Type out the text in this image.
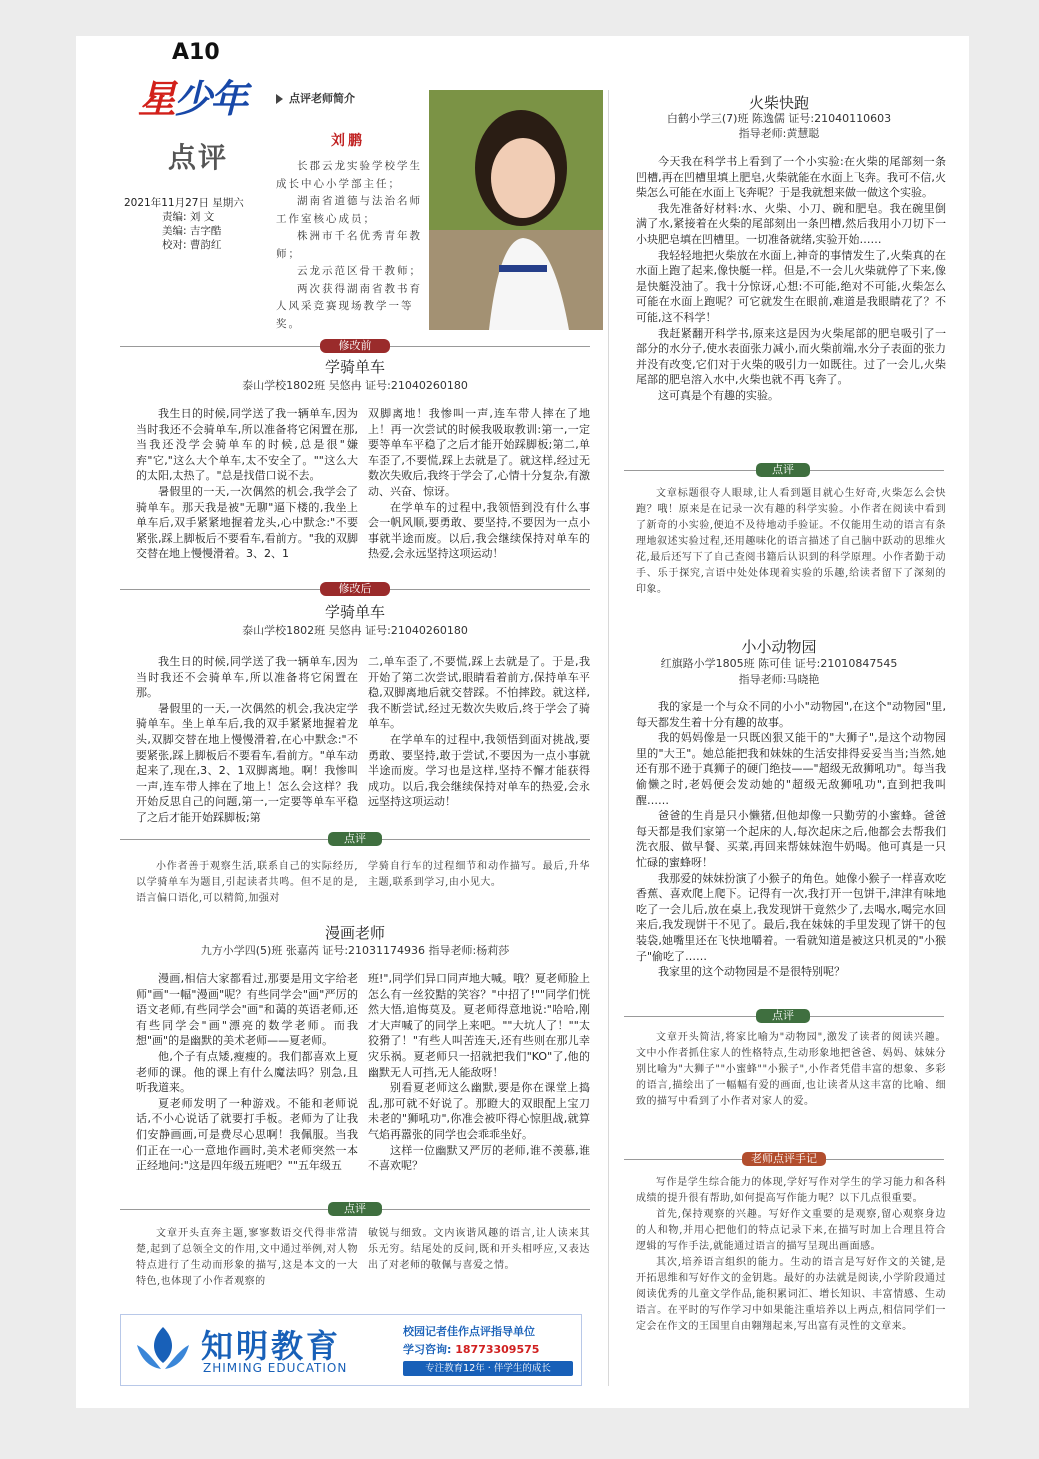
A10
星少年
点评
2021年11月27日 星期六
责编: 刘 文
美编: 吉字酷
校对: 曹韵红
点评老师简介
刘鹏

长郡云龙实验学校学生成长中心小学部主任；

湖南省道德与法治名师工作室核心成员；

株洲市千名优秀青年教师；

云龙示范区骨干教师；

两次获得湖南省教书育人风采竞赛现场教学一等奖。

修改前
学骑单车
泰山学校1802班 吴悠冉 证号:21040260180

我生日的时候,同学送了我一辆单车,因为当时我还不会骑单车,所以准备将它闲置在那,当我还没学会骑单车的时候,总是很"嫌弃"它,"这么大个单车,太不安全了。""这么大的太阳,太热了。"总是找借口说不去。

暑假里的一天,一次偶然的机会,我学会了骑单车。那天我是被"无聊"逼下楼的,我坐上单车后,双手紧紧地握着龙头,心中默念:"不要紧张,踩上脚板后不要看车,看前方。"我的双脚交替在地上慢慢滑着。3、2、1

双脚离地！我惨叫一声,连车带人摔在了地上！再一次尝试的时候我吸取教训:第一,一定要等单车平稳了之后才能开始踩脚板;第二,单车歪了,不要慌,踩上去就是了。就这样,经过无数次失败后,我终于学会了,心情十分复杂,有激动、兴奋、惊讶。

在学单车的过程中,我领悟到没有什么事会一帆风顺,要勇敢、要坚持,不要因为一点小事就半途而废。以后,我会继续保持对单车的热爱,会永远坚持这项运动！

修改后
学骑单车
泰山学校1802班 吴悠冉 证号:21040260180

我生日的时候,同学送了我一辆单车,因为当时我还不会骑单车,所以准备将它闲置在那。

暑假里的一天,一次偶然的机会,我决定学骑单车。坐上单车后,我的双手紧紧地握着龙头,双脚交替在地上慢慢滑着,在心中默念:"不要紧张,踩上脚板后不要看车,看前方。"单车动起来了,现在,3、2、1双脚离地。啊！我惨叫一声,连车带人摔在了地上！怎么会这样？我开始反思自己的问题,第一,一定要等单车平稳了之后才能开始踩脚板;第

二,单车歪了,不要慌,踩上去就是了。于是,我开始了第二次尝试,眼睛看着前方,保持单车平稳,双脚离地后就交替踩。不怕摔跤。就这样,我不断尝试,经过无数次失败后,终于学会了骑单车。

在学单车的过程中,我领悟到面对挑战,要勇敢、要坚持,敢于尝试,不要因为一点小事就半途而废。学习也是这样,坚持不懈才能获得成功。以后,我会继续保持对单车的热爱,会永远坚持这项运动！

点评

小作者善于观察生活,联系自己的实际经历,以学骑单车为题目,引起读者共鸣。但不足的是,语言偏口语化,可以精简,加强对

学骑自行车的过程细节和动作描写。最后,升华主题,联系到学习,由小见大。

漫画老师
九方小学四(5)班 张嘉芮 证号:21031174936 指导老师:杨莉莎

漫画,相信大家都看过,那要是用文字给老师"画"一幅"漫画"呢？有些同学会"画"严厉的语文老师,有些同学会"画"和蔼的英语老师,还有些同学会"画"漂亮的数学老师。而我想"画"的是幽默的美术老师——夏老师。

他,个子有点矮,瘦瘦的。我们都喜欢上夏老师的课。他的课上有什么魔法吗？别急,且听我道来。

夏老师发明了一种游戏。不能和老师说话,不小心说话了就要打手板。老师为了让我们安静画画,可是费尽心思啊！我佩服。当我们正在一心一意地作画时,美术老师突然一本正经地问:"这是四年级五班吧？""五年级五

班!",同学们异口同声地大喊。哦？夏老师脸上怎么有一丝狡黠的笑容？"中招了!""同学们恍然大悟,追悔莫及。夏老师得意地说:"哈哈,刚才大声喊了的同学上来吧。""大坑人了！""太狡猾了！"有些人叫苦连天,还有些则在那儿幸灾乐祸。夏老师只一招就把我们"KO"了,他的幽默无人可挡,无人能敌呀！

别看夏老师这么幽默,要是你在课堂上捣乱,那可就不好说了。那瞪大的双眼配上宝刀未老的"狮吼功",你准会被吓得心惊胆战,就算气焰再嚣张的同学也会乖乖坐好。

这样一位幽默又严厉的老师,谁不羡慕,谁不喜欢呢？

点评

文章开头直奔主题,寥寥数语交代得非常清楚,起到了总领全文的作用,文中通过举例,对人物特点进行了生动而形象的描写,这是本文的一大特色,也体现了小作者观察的

敏锐与细致。文内诙谐风趣的语言,让人读来其乐无穷。结尾处的反问,既和开头相呼应,又表达出了对老师的敬佩与喜爱之情。

知明教育
ZHIMING EDUCATION
校园记者佳作点评指导单位
学习咨询: 18773309575
专注教育12年 · 伴学生的成长
火柴快跑
白鹤小学三(7)班 陈逸儒 证号:21040110603
指导老师:黄慧聪

今天我在科学书上看到了一个小实验:在火柴的尾部刻一条凹槽,再在凹槽里填上肥皂,火柴就能在水面上飞奔。我可不信,火柴怎么可能在水面上飞奔呢？于是我就想来做一做这个实验。

我先准备好材料:水、火柴、小刀、碗和肥皂。我在碗里倒满了水,紧接着在火柴的尾部刻出一条凹槽,然后我用小刀切下一小块肥皂填在凹槽里。一切准备就绪,实验开始……

我轻轻地把火柴放在水面上,神奇的事情发生了,火柴真的在水面上跑了起来,像快艇一样。但是,不一会儿火柴就停了下来,像是快艇没油了。我十分惊讶,心想:不可能,绝对不可能,火柴怎么可能在水面上跑呢？可它就发生在眼前,难道是我眼睛花了？不可能,这不科学！

我赶紧翻开科学书,原来这是因为火柴尾部的肥皂吸引了一部分的水分子,使水表面张力减小,而火柴前端,水分子表面的张力并没有改变,它们对于火柴的吸引力一如既往。过了一会儿,火柴尾部的肥皂溶入水中,火柴也就不再飞奔了。

这可真是个有趣的实验。

点评

文章标题很夺人眼球,让人看到题目就心生好奇,火柴怎么会快跑？哦！原来是在记录一次有趣的科学实验。小作者在阅读中看到了新奇的小实验,便迫不及待地动手验证。不仅能用生动的语言有条理地叙述实验过程,还用趣味化的语言描述了自己脑中跃动的思维火花,最后还写下了自己查阅书籍后认识到的科学原理。小作者勤于动手、乐于探究,言语中处处体现着实验的乐趣,给读者留下了深刻的印象。

小小动物园
红旗路小学1805班 陈可佳 证号:21010847545
指导老师:马晓艳

我的家是一个与众不同的小小"动物园",在这个"动物园"里,每天都发生着十分有趣的故事。

我的妈妈像是一只既凶狠又能干的"大狮子",是这个动物园里的"大王"。她总能把我和妹妹的生活安排得妥妥当当;当然,她还有那不逊于真狮子的硬门绝技——"超级无敌狮吼功"。每当我偷懒之时,老妈便会发动她的"超级无敌狮吼功",直到把我叫醒……

爸爸的生肖是只小懒猪,但他却像一只勤劳的小蜜蜂。爸爸每天都是我们家第一个起床的人,每次起床之后,他都会去帮我们洗衣服、做早餐、买菜,再回来帮妹妹泡牛奶喝。他可真是一只忙碌的蜜蜂呀！

我那爱的妹妹扮演了小猴子的角色。她像小猴子一样喜欢吃香蕉、喜欢爬上爬下。记得有一次,我打开一包饼干,津津有味地吃了一会儿后,放在桌上,我发现饼干竟然少了,去喝水,喝完水回来后,我发现饼干不见了。最后,我在妹妹的手里发现了饼干的包装袋,她嘴里还在飞快地嚼着。一看就知道是被这只机灵的"小猴子"偷吃了……

我家里的这个动物园是不是很特别呢？

点评

文章开头简洁,将家比喻为"动物园",激发了读者的阅读兴趣。文中小作者抓住家人的性格特点,生动形象地把爸爸、妈妈、妹妹分别比喻为"大狮子""小蜜蜂""小猴子",小作者凭借丰富的想象、多彩的语言,描绘出了一幅幅有爱的画面,也让读者从这丰富的比喻、细致的描写中看到了小作者对家人的爱。

老师点评手记

写作是学生综合能力的体现,学好写作对学生的学习能力和各科成绩的提升很有帮助,如何提高写作能力呢？以下几点很重要。

首先,保持观察的兴趣。写好作文重要的是观察,留心观察身边的人和物,并用心把他们的特点记录下来,在描写时加上合理且符合逻辑的写作手法,就能通过语言的描写呈现出画面感。

其次,培养语言组织的能力。生动的语言是写好作文的关键,是开拓思维和写好作文的金钥匙。最好的办法就是阅读,小学阶段通过阅读优秀的儿童文学作品,能积累词汇、增长知识、丰富情感、生动语言。在平时的写作学习中如果能注重培养以上两点,相信同学们一定会在作文的王国里自由翱翔起来,写出富有灵性的文章来。
